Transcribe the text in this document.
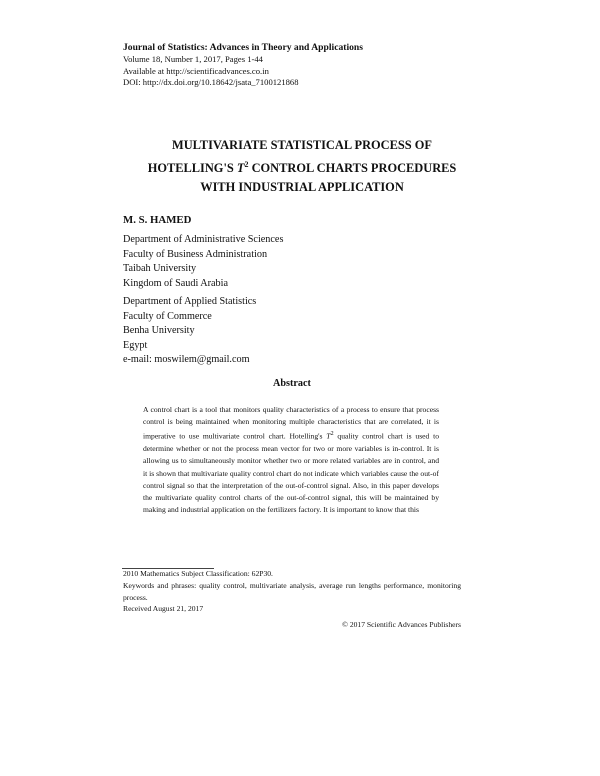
Journal of Statistics: Advances in Theory and Applications
Volume 18, Number 1, 2017, Pages 1-44
Available at http://scientificadvances.co.in
DOI: http://dx.doi.org/10.18642/jsata_7100121868
MULTIVARIATE STATISTICAL PROCESS OF
HOTELLING'S $T^2$ CONTROL CHARTS PROCEDURES
WITH INDUSTRIAL APPLICATION
M. S. HAMED
Department of Administrative Sciences
Faculty of Business Administration
Taibah University
Kingdom of Saudi Arabia
Department of Applied Statistics
Faculty of Commerce
Benha University
Egypt
e-mail: moswilem@gmail.com
Abstract
A control chart is a tool that monitors quality characteristics of a process to ensure that process control is being maintained when monitoring multiple characteristics that are correlated, it is imperative to use multivariate control chart. Hotelling's $T^2$ quality control chart is used to determine whether or not the process mean vector for two or more variables is in-control. It is allowing us to simultaneously monitor whether two or more related variables are in control, and it is shown that multivariate quality control chart do not indicate which variables cause the out-of control signal so that the interpretation of the out-of-control signal. Also, in this paper develops the multivariate quality control charts of the out-of-control signal, this will be maintained by making and industrial application on the fertilizers factory. It is important to know that this
2010 Mathematics Subject Classification: 62P30.
Keywords and phrases: quality control, multivariate analysis, average run lengths performance, monitoring process.
Received August 21, 2017
© 2017 Scientific Advances Publishers
